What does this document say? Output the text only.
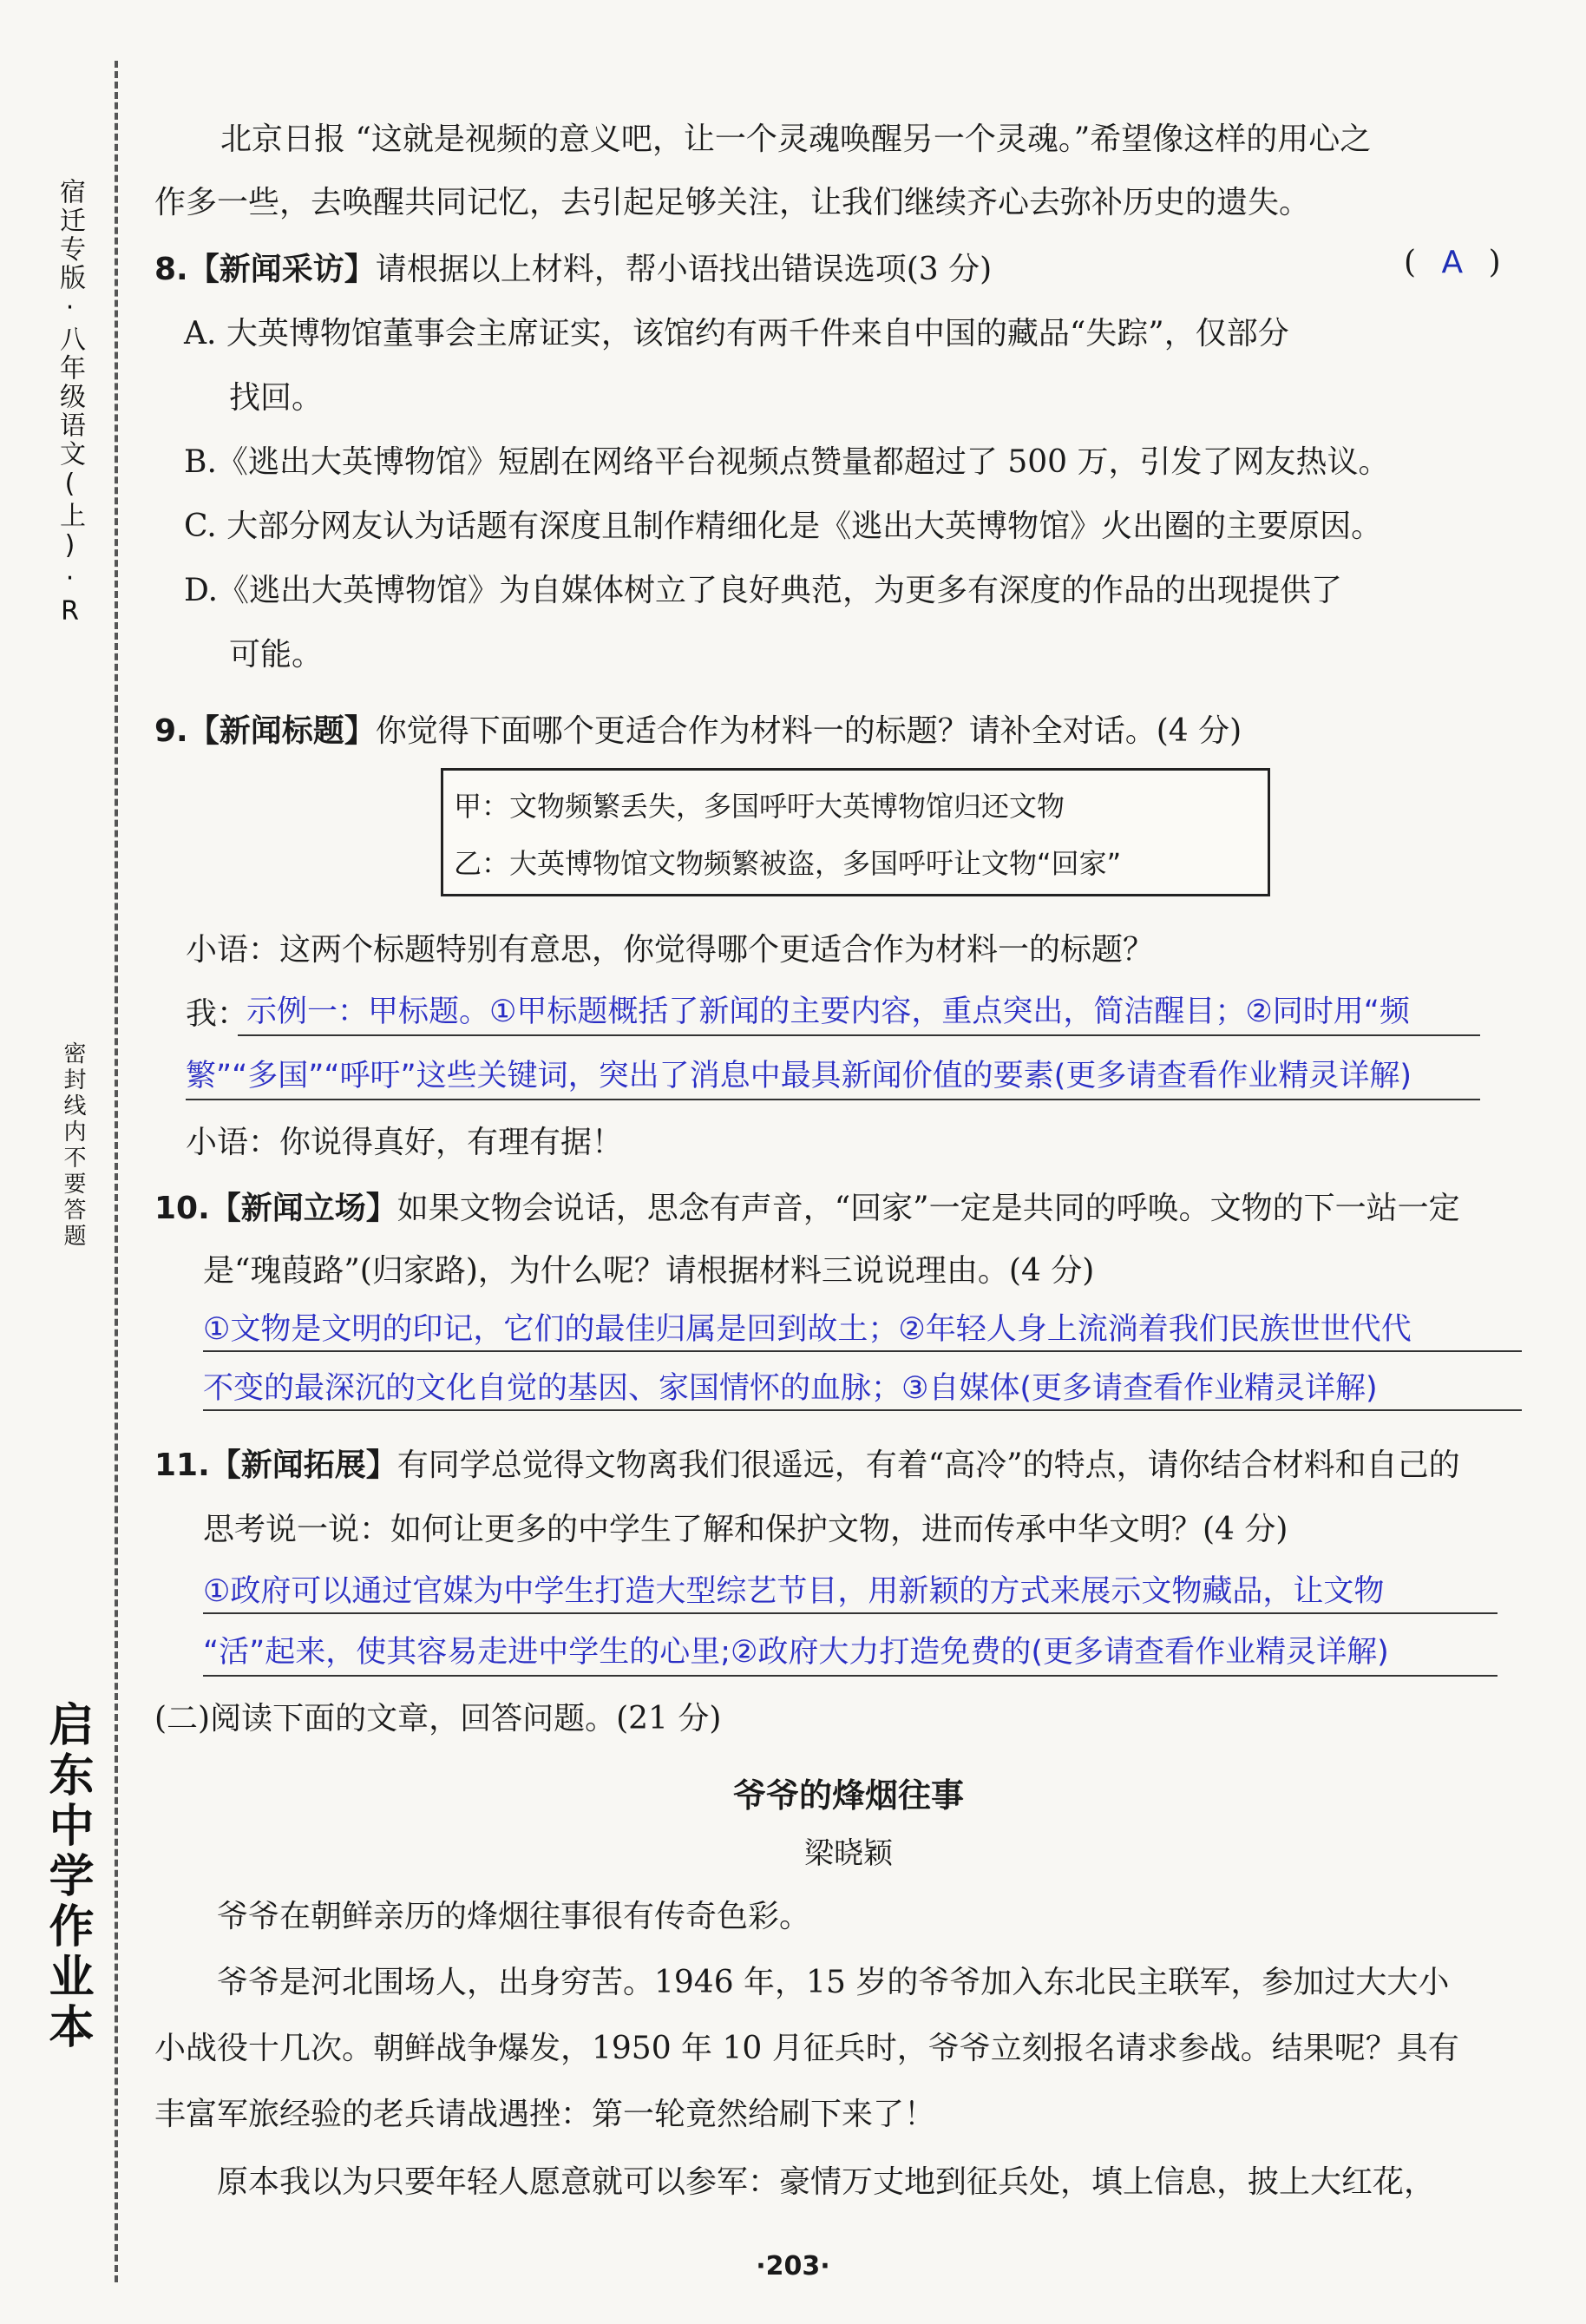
宿迁专版·八年级语文(上)·R
密封线内不要答题
启东中学作业本
北京日报 “这就是视频的意义吧，让一个灵魂唤醒另一个灵魂。”希望像这样的用心之
作多一些，去唤醒共同记忆，去引起足够关注，让我们继续齐心去弥补历史的遗失。
8.【新闻采访】请根据以上材料，帮小语找出错误选项(3 分)	( A )
A. 大英博物馆董事会主席证实，该馆约有两千件来自中国的藏品“失踪”，仅部分
找回。
B.《逃出大英博物馆》短剧在网络平台视频点赞量都超过了 500 万，引发了网友热议。
C. 大部分网友认为话题有深度且制作精细化是《逃出大英博物馆》火出圈的主要原因。
D.《逃出大英博物馆》为自媒体树立了良好典范，为更多有深度的作品的出现提供了
可能。
9.【新闻标题】你觉得下面哪个更适合作为材料一的标题？请补全对话。(4 分)
甲：文物频繁丢失，多国呼吁大英博物馆归还文物
乙：大英博物馆文物频繁被盗，多国呼吁让文物“回家”
小语：这两个标题特别有意思，你觉得哪个更适合作为材料一的标题？
我：
示例一：甲标题。①甲标题概括了新闻的主要内容，重点突出，简洁醒目；②同时用“频
繁”“多国”“呼吁”这些关键词，突出了消息中最具新闻价值的要素(更多请查看作业精灵详解)
小语：你说得真好，有理有据！
10.【新闻立场】如果文物会说话，思念有声音，“回家”一定是共同的呼唤。文物的下一站一定
是“瑰葭路”(归家路)，为什么呢？请根据材料三说说理由。(4 分)
①文物是文明的印记，它们的最佳归属是回到故土；②年轻人身上流淌着我们民族世世代代
不变的最深沉的文化自觉的基因、家国情怀的血脉；③自媒体(更多请查看作业精灵详解)
11.【新闻拓展】有同学总觉得文物离我们很遥远，有着“高冷”的特点，请你结合材料和自己的
思考说一说：如何让更多的中学生了解和保护文物，进而传承中华文明？(4 分)
①政府可以通过官媒为中学生打造大型综艺节目，用新颖的方式来展示文物藏品，让文物
“活”起来，使其容易走进中学生的心里;②政府大力打造免费的(更多请查看作业精灵详解)
(二)阅读下面的文章，回答问题。(21 分)
爷爷的烽烟往事
梁晓颖
爷爷在朝鲜亲历的烽烟往事很有传奇色彩。
爷爷是河北围场人，出身穷苦。1946 年，15 岁的爷爷加入东北民主联军，参加过大大小
小战役十几次。朝鲜战争爆发，1950 年 10 月征兵时，爷爷立刻报名请求参战。结果呢？具有
丰富军旅经验的老兵请战遇挫：第一轮竟然给刷下来了！
原本我以为只要年轻人愿意就可以参军：豪情万丈地到征兵处，填上信息，披上大红花，
·203·
